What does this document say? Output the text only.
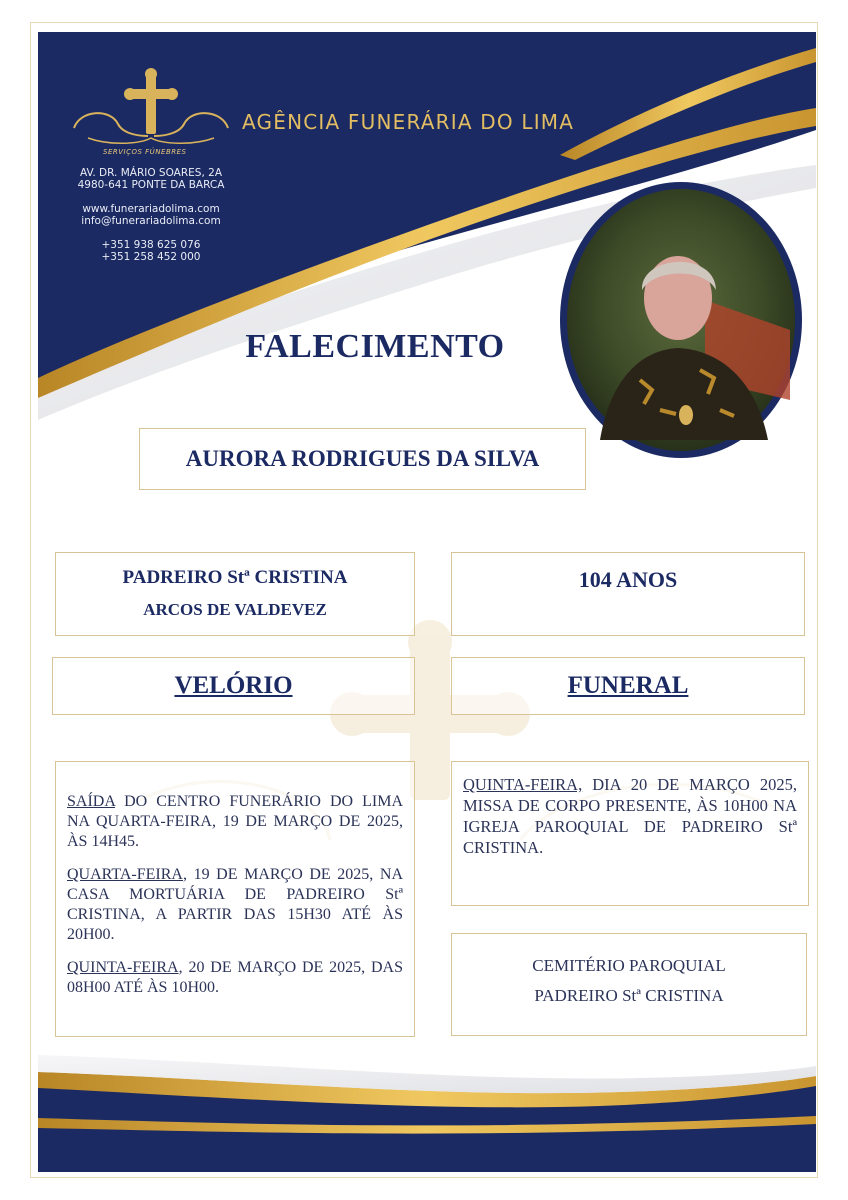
SERVIÇOS FÚNEBRES
AGÊNCIA FUNERÁRIA DO LIMA
AV. DR. MÁRIO SOARES, 2A
4980-641 PONTE DA BARCA
www.funerariadolima.com
info@funerariadolima.com
+351 938 625 076
+351 258 452 000
FALECIMENTO
AURORA RODRIGUES DA SILVA
PADREIRO Stª CRISTINA
ARCOS DE VALDEVEZ
104 ANOS
VELÓRIO	FUNERAL

SAÍDA DO CENTRO FUNERÁRIO DO LIMA NA QUARTA-FEIRA, 19 DE MARÇO DE 2025, ÀS 14H45.

QUARTA-FEIRA, 19 DE MARÇO DE 2025, NA CASA MORTUÁRIA DE PADREIRO Stª CRISTINA, A PARTIR DAS 15H30 ATÉ ÀS 20H00.

QUINTA-FEIRA, 20 DE MARÇO DE 2025, DAS 08H00 ATÉ ÀS 10H00.

QUINTA-FEIRA, DIA 20 DE MARÇO 2025, MISSA DE CORPO PRESENTE, ÀS 10H00 NA IGREJA PAROQUIAL DE PADREIRO Stª CRISTINA.

CEMITÉRIO PAROQUIAL
PADREIRO Stª CRISTINA
